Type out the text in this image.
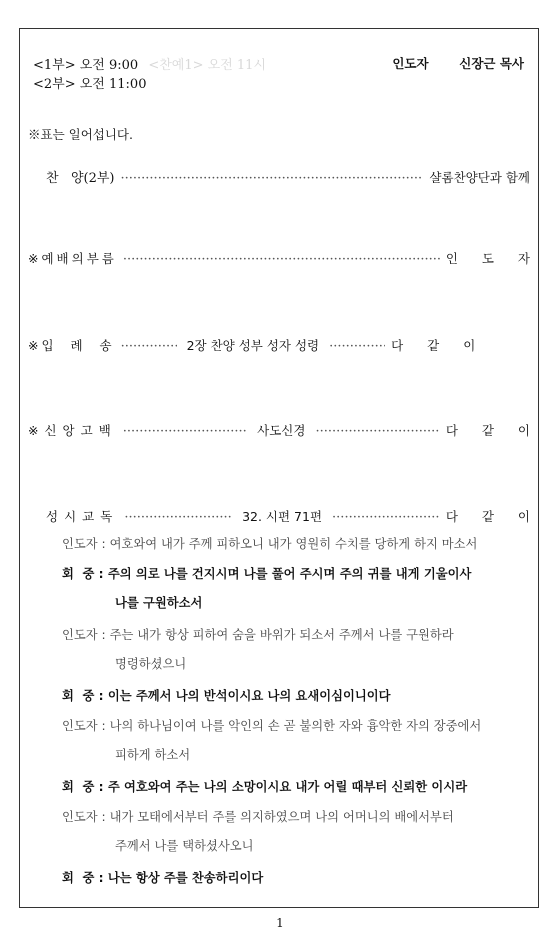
<1부> 오전 9:00 <찬예1> 오전 11시
<2부> 오전 11:00
인도자 신장근 목사
※표는 일어섭니다.
찬   양(2부) ·····	샬롬찬양단과 함께
※예배의부름 ·····	인 도 자
※입  례  송 ·····	2장 찬양 성부 성자 성령 ·····	다 같 이
※신앙고백 ·····	사도신경 ·····	다 같 이
성시교독 ·····	32. 시편 71편 ·····	다 같 이
인도자 : 여호와여 내가 주께 피하오니 내가 영원히 수치를 당하게 하지 마소서
회  중 : 주의 의로 나를 건지시며 나를 풀어 주시며 주의 귀를 내게 기울이사
나를 구원하소서
인도자 : 주는 내가 항상 피하여 숨을 바위가 되소서 주께서 나를 구원하라
명령하셨으니
회  중 : 이는 주께서 나의 반석이시요 나의 요새이심이니이다
인도자 : 나의 하나님이여 나를 악인의 손 곧 불의한 자와 흉악한 자의 장중에서
피하게 하소서
회  중 : 주 여호와여 주는 나의 소망이시요 내가 어릴 때부터 신뢰한 이시라
인도자 : 내가 모태에서부터 주를 의지하였으며 나의 어머니의 배에서부터
주께서 나를 택하셨사오니
회  중 : 나는 항상 주를 찬송하리이다
1
